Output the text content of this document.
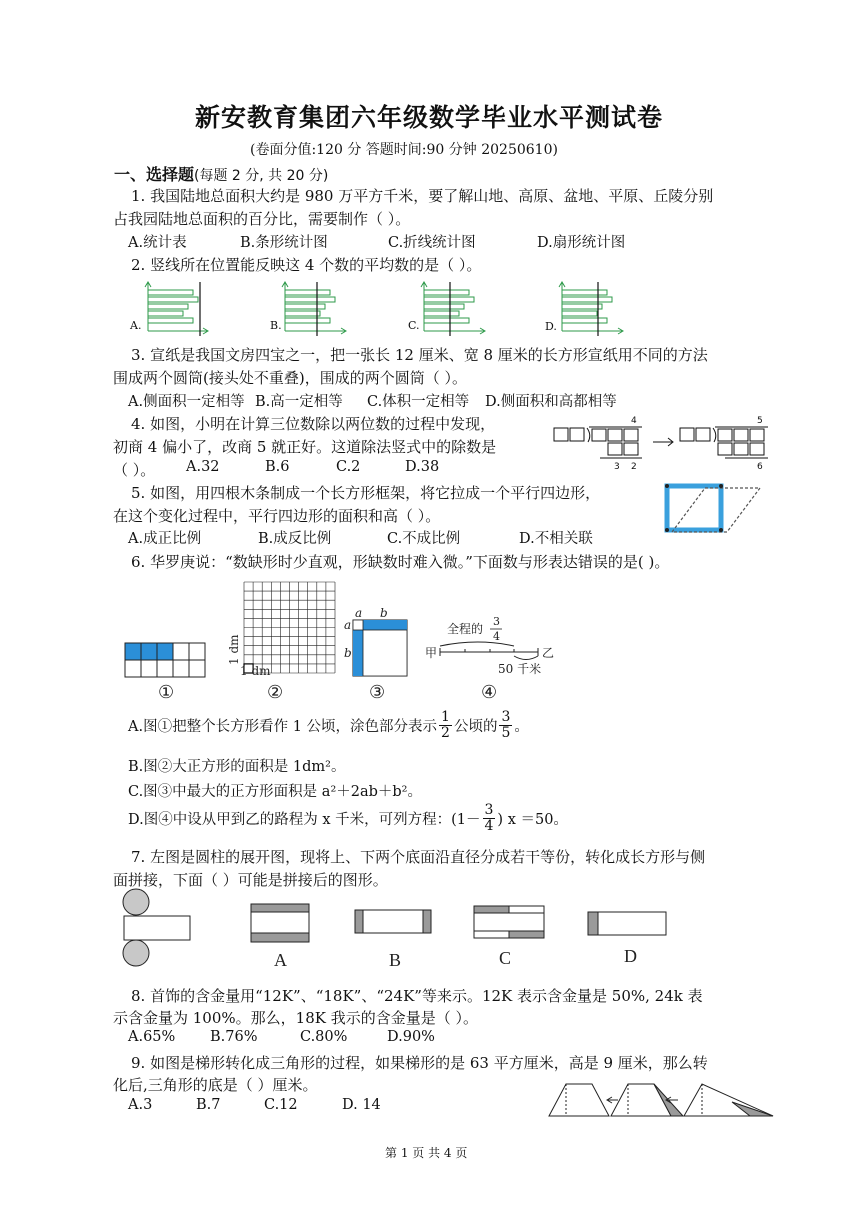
新安教育集团六年级数学毕业水平测试卷
(卷面分值:120 分 答题时间:90 分钟 20250610)
一、选择题(每题 2 分, 共 20 分)
1. 我国陆地总面积大约是 980 万平方千米，要了解山地、高原、盆地、平原、丘陵分别
占我园陆地总面积的百分比，需要制作（ ）。
A.统计表	B.条形统计图	C.折线统计图	D.扇形统计图
2. 竖线所在位置能反映这 4 个数的平均数的是（ ）。
A.	B.	C.	D.
3. 宣纸是我国文房四宝之一，把一张长 12 厘米、宽 8 厘米的长方形宣纸用不同的方法
围成两个圆筒(接头处不重叠)，围成的两个圆筒（ ）。
A.侧面积一定相等 B.高一定相等 C.体积一定相等 D.侧面积和高都相等
4. 如图，小明在计算三位数除以两位数的过程中发现，
初商 4 偏小了，改商 5 就正好。这道除法竖式中的除数是
（ ）。 A.32	B.6	C.2	D.38
4
3 2
5
6
5. 如图，用四根木条制成一个长方形框架，将它拉成一个平行四边形，
在这个变化过程中，平行四边形的面积和高（ ）。
A.成正比例	B.成反比例	C.不成比例	D.不相关联
6. 华罗庚说：“数缺形时少直观，形缺数时难入微。”下面数与形表达错误的是( )。
1 dm
1 dm
a b
a
b
全程的
3
4
甲	乙
50 千米
①	②	③	④
A.图①把整个长方形看作 1 公顷，涂色部分表示 $\frac{1}{2}$ 公顷的 $\frac{3}{5}$ 。
B.图②大正方形的面积是 1dm²。
C.图③中最大的正方形面积是 a²＋2ab＋b²。
D.图④中设从甲到乙的路程为 x 千米，可列方程：($1- \frac{3}{4}$ ) x ＝50。
7. 左图是圆柱的展开图，现将上、下两个底面沿直径分成若干等份，转化成长方形与侧
面拼接，下面（ ）可能是拼接后的图形。
A	B	C	D
8. 首饰的含金量用“12K”、“18K”、“24K”等来示。12K 表示含金量是 50%, 24k 表
示含金量为 100%。那么，18K 我示的含金量是（ ）。
A.65% B.76%	C.80%	D.90%
9. 如图是梯形转化成三角形的过程，如果梯形的是 63 平方厘米，高是 9 厘米，那么转
化后,三角形的底是（ ）厘米。
A.3	B.7	C.12	D. 14
第 1 页 共 4 页
